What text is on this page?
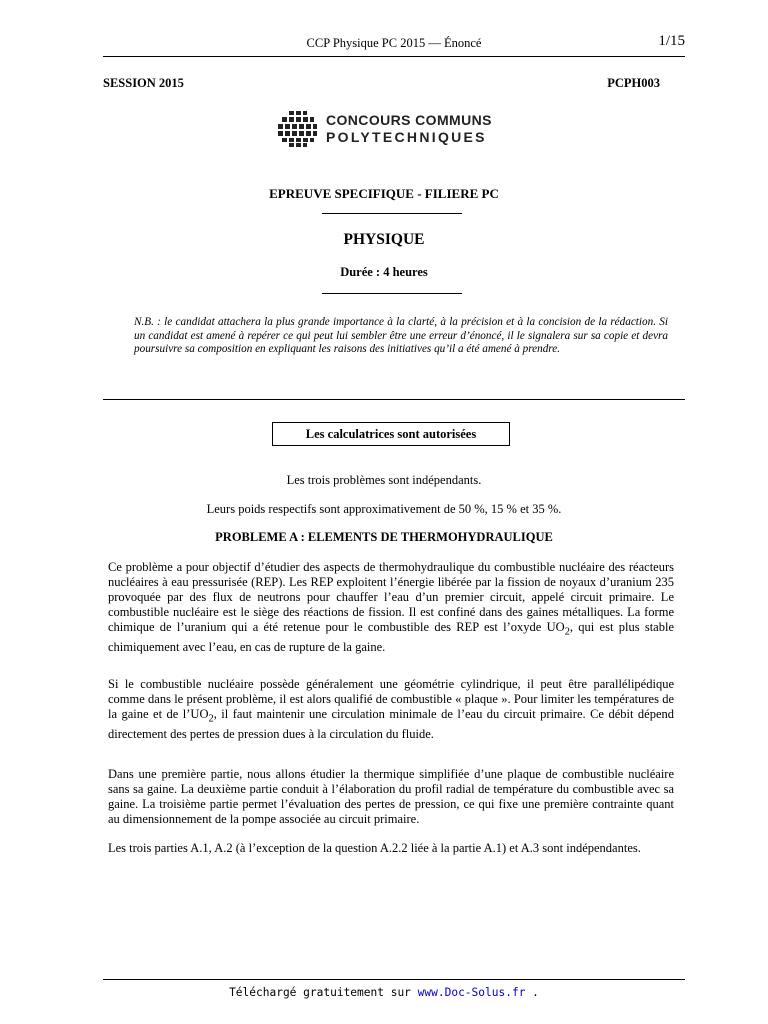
CCP Physique PC 2015 — Énoncé	1/15
SESSION 2015	PCPH003
CONCOURS COMMUNS
POLYTECHNIQUES
EPREUVE SPECIFIQUE - FILIERE PC
PHYSIQUE
Durée : 4 heures
N.B. : le candidat attachera la plus grande importance à la clarté, à la précision et à la concision de la rédaction. Si un candidat est amené à repérer ce qui peut lui sembler être une erreur d’énoncé, il le signalera sur sa copie et devra poursuivre sa composition en expliquant les raisons des initiatives qu’il a été amené à prendre.
Les calculatrices sont autorisées
Les trois problèmes sont indépendants.
Leurs poids respectifs sont approximativement de 50 %, 15 % et 35 %.
PROBLEME A : ELEMENTS DE THERMOHYDRAULIQUE
Ce problème a pour objectif d’étudier des aspects de thermohydraulique du combustible nucléaire des réacteurs nucléaires à eau pressurisée (REP). Les REP exploitent l’énergie libérée par la fission de noyaux d’uranium 235 provoquée par des flux de neutrons pour chauffer l’eau d’un premier circuit, appelé circuit primaire. Le combustible nucléaire est le siège des réactions de fission. Il est confiné dans des gaines métalliques. La forme chimique de l’uranium qui a été retenue pour le combustible des REP est l’oxyde $UO_2$, qui est plus stable chimiquement avec l’eau, en cas de rupture de la gaine.
Si le combustible nucléaire possède généralement une géométrie cylindrique, il peut être parallélipédique comme dans le présent problème, il est alors qualifié de combustible « plaque ». Pour limiter les températures de la gaine et de $l’UO_2$, il faut maintenir une circulation minimale de l’eau du circuit primaire. Ce débit dépend directement des pertes de pression dues à la circulation du fluide.
Dans une première partie, nous allons étudier la thermique simplifiée d’une plaque de combustible nucléaire sans sa gaine. La deuxième partie conduit à l’élaboration du profil radial de température du combustible avec sa gaine. La troisième partie permet l’évaluation des pertes de pression, ce qui fixe une première contrainte quant au dimensionnement de la pompe associée au circuit primaire.
Les trois parties A.1, A.2 (à l’exception de la question A.2.2 liée à la partie A.1) et A.3 sont indépendantes.
Téléchargé gratuitement sur www.Doc-Solus.fr .
